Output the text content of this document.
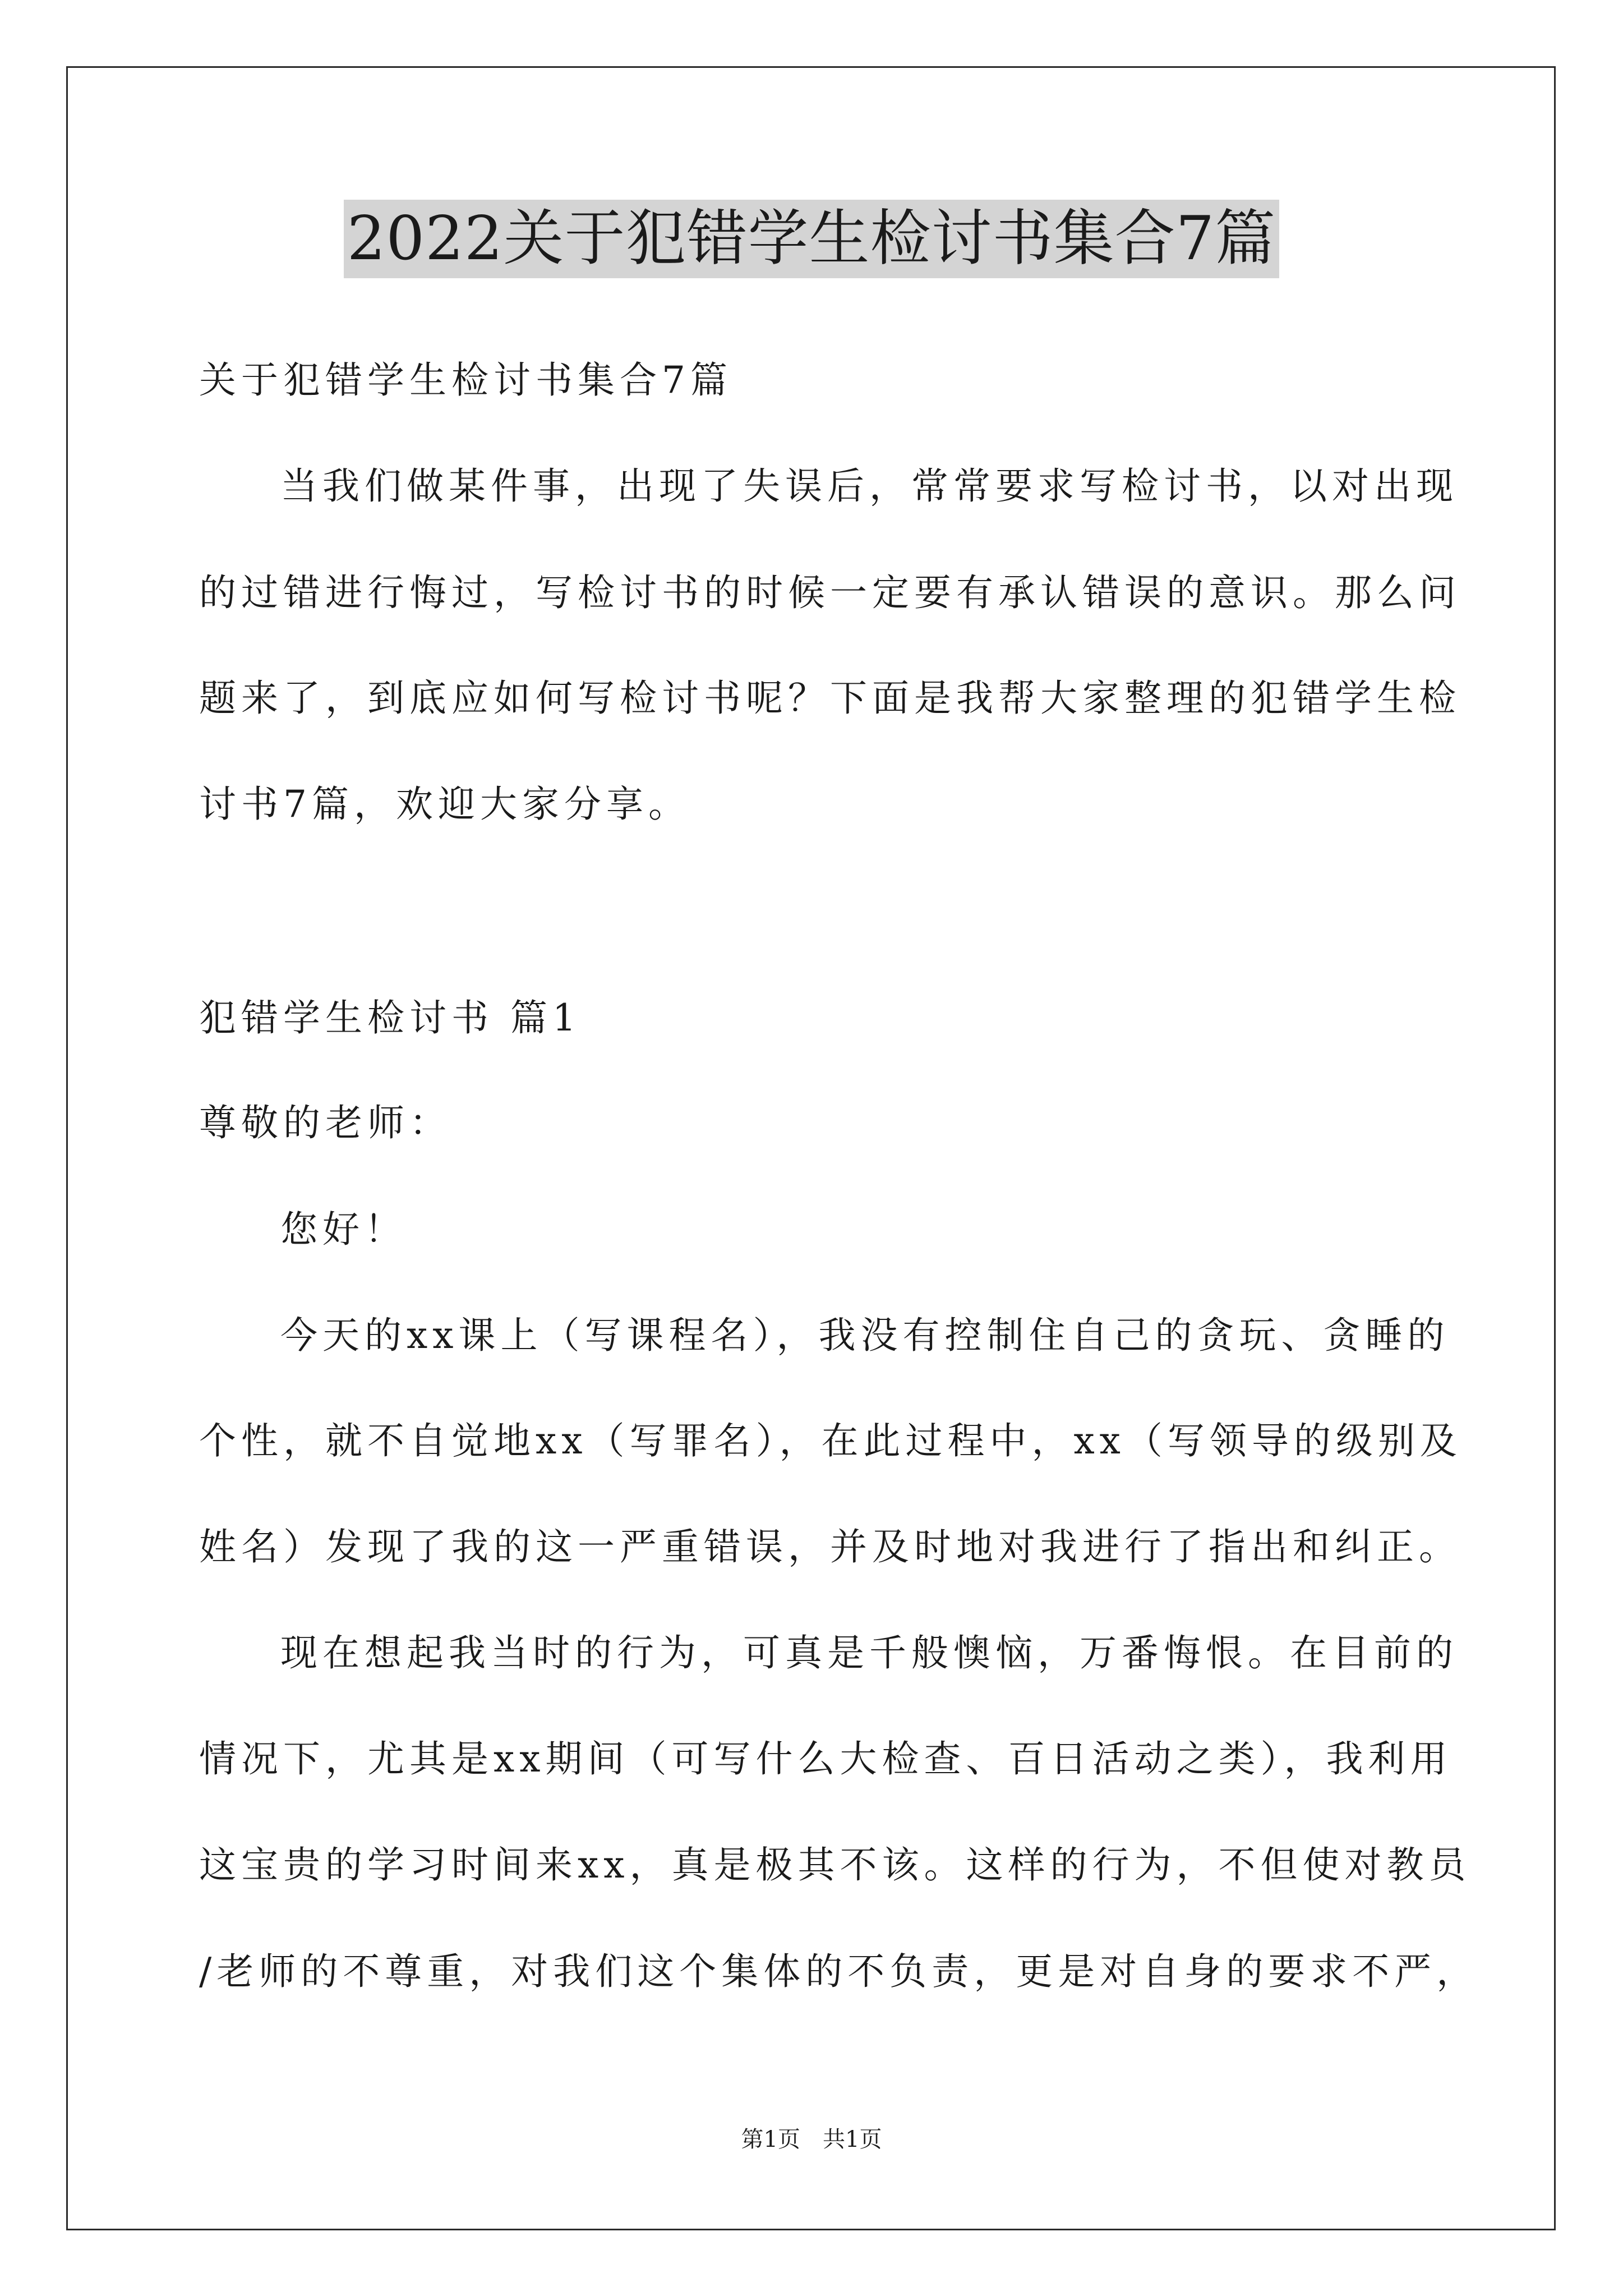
2022关于犯错学生检讨书集合7篇
关于犯错学生检讨书集合7篇
当我们做某件事，出现了失误后，常常要求写检讨书，以对出现
的过错进行悔过，写检讨书的时候一定要有承认错误的意识。那么问
题来了，到底应如何写检讨书呢？下面是我帮大家整理的犯错学生检
讨书7篇，欢迎大家分享。
犯错学生检讨书 篇1
尊敬的老师：
您好！
今天的xx课上（写课程名），我没有控制住自己的贪玩、贪睡的
个性，就不自觉地xx（写罪名），在此过程中，xx（写领导的级别及
姓名）发现了我的这一严重错误，并及时地对我进行了指出和纠正。
现在想起我当时的行为，可真是千般懊恼，万番悔恨。在目前的
情况下，尤其是xx期间（可写什么大检查、百日活动之类），我利用
这宝贵的学习时间来xx，真是极其不该。这样的行为，不但使对教员
/老师的不尊重，对我们这个集体的不负责，更是对自身的要求不严，
第1页 共1页
